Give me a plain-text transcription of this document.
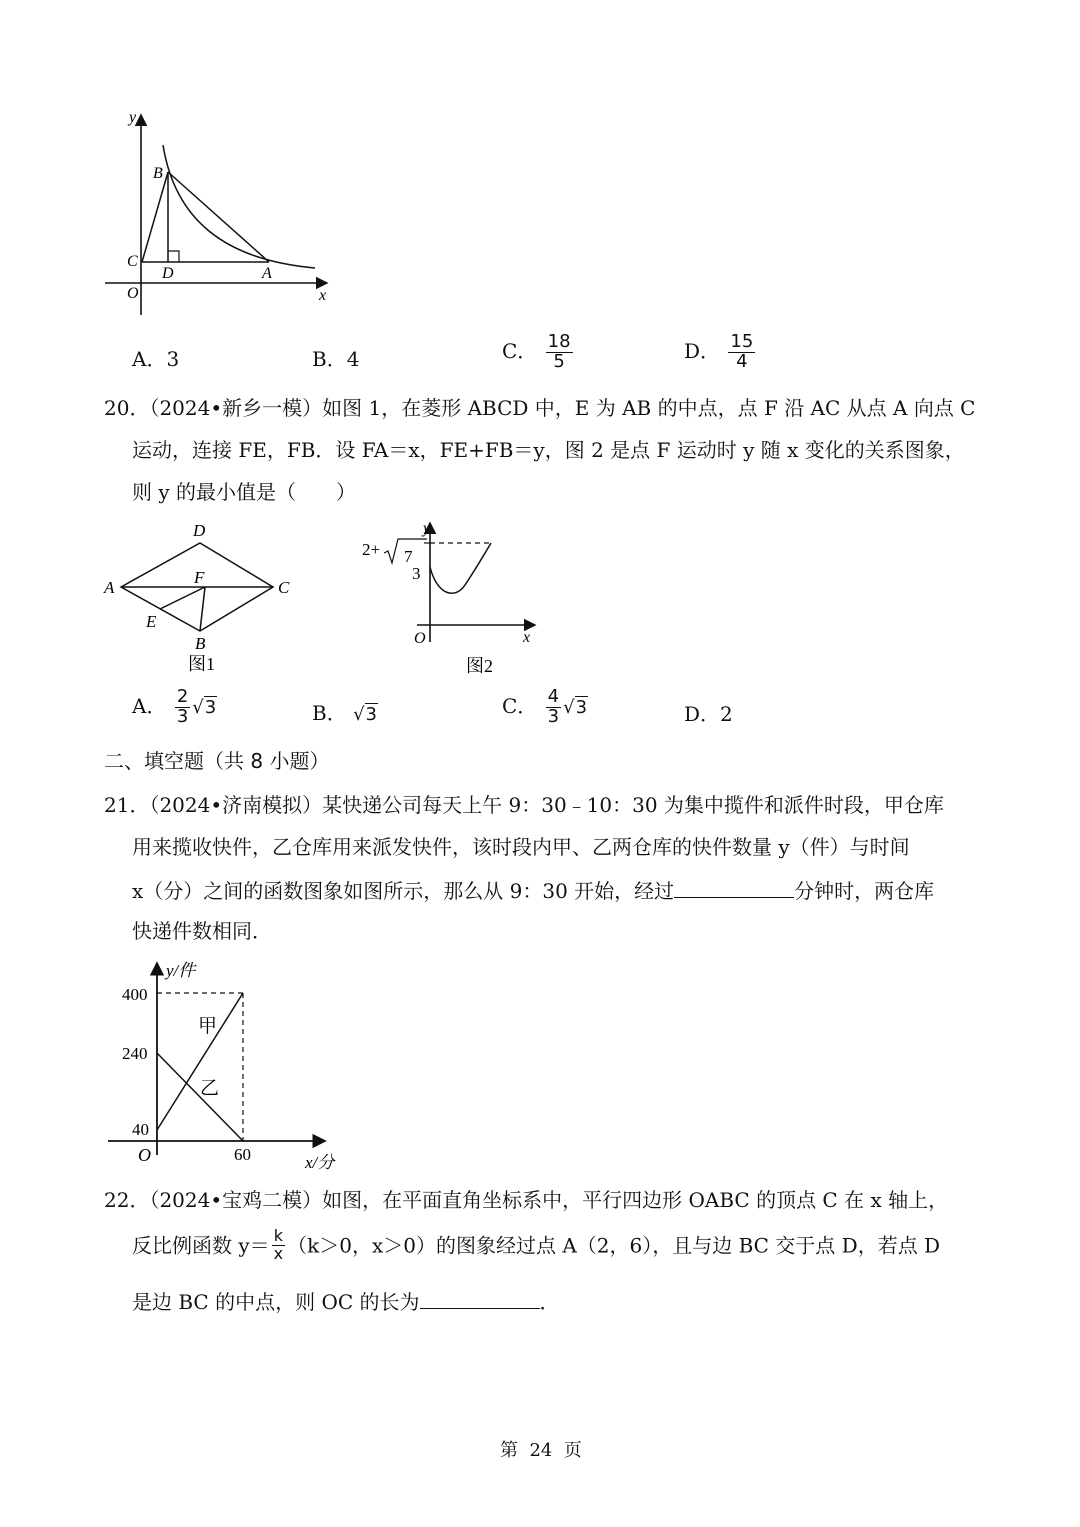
y
x
B
C
D	A
O
A．3	B．4	C． $\frac{18}{5}$	D． $\frac{15}{4}$
20．（2024•新乡一模）如图 1，在菱形 ABCD 中，E 为 AB 的中点，点 F 沿 AC 从点 A 向点 C
运动，连接 FE，FB．设 FA＝x，FE+FB＝y，图 2 是点 F 运动时 y 随 x 变化的关系图象，
则 y 的最小值是（　　）
D
A
F
C
E
B
图1
2+ 7
3
y
x
O
图2
A． $\frac{2}{3} √3$	B． √3	C． $\frac{4}{3} √3$	D．2
二、填空题（共 8 小题）
21．（2024•济南模拟）某快递公司每天上午 9：30﹣10：30 为集中揽件和派件时段，甲仓库
用来揽收快件，乙仓库用来派发快件，该时段内甲、乙两仓库的快件数量 y（件）与时间
x（分）之间的函数图象如图所示，那么从 9：30 开始，经过	分钟时，两仓库
快递件数相同．
y/件
x/分
400
240
40
60
O
甲
乙
22．（2024•宝鸡二模）如图，在平面直角坐标系中，平行四边形 OABC 的顶点 C 在 x 轴上，
反比例函数 $y= \frac{k}{x} (k>0$，x＞0）的图象经过点 A（2，6），且与边 BC 交于点 D，若点 D
是边 BC 的中点，则 OC 的长为	．
第  24  页
